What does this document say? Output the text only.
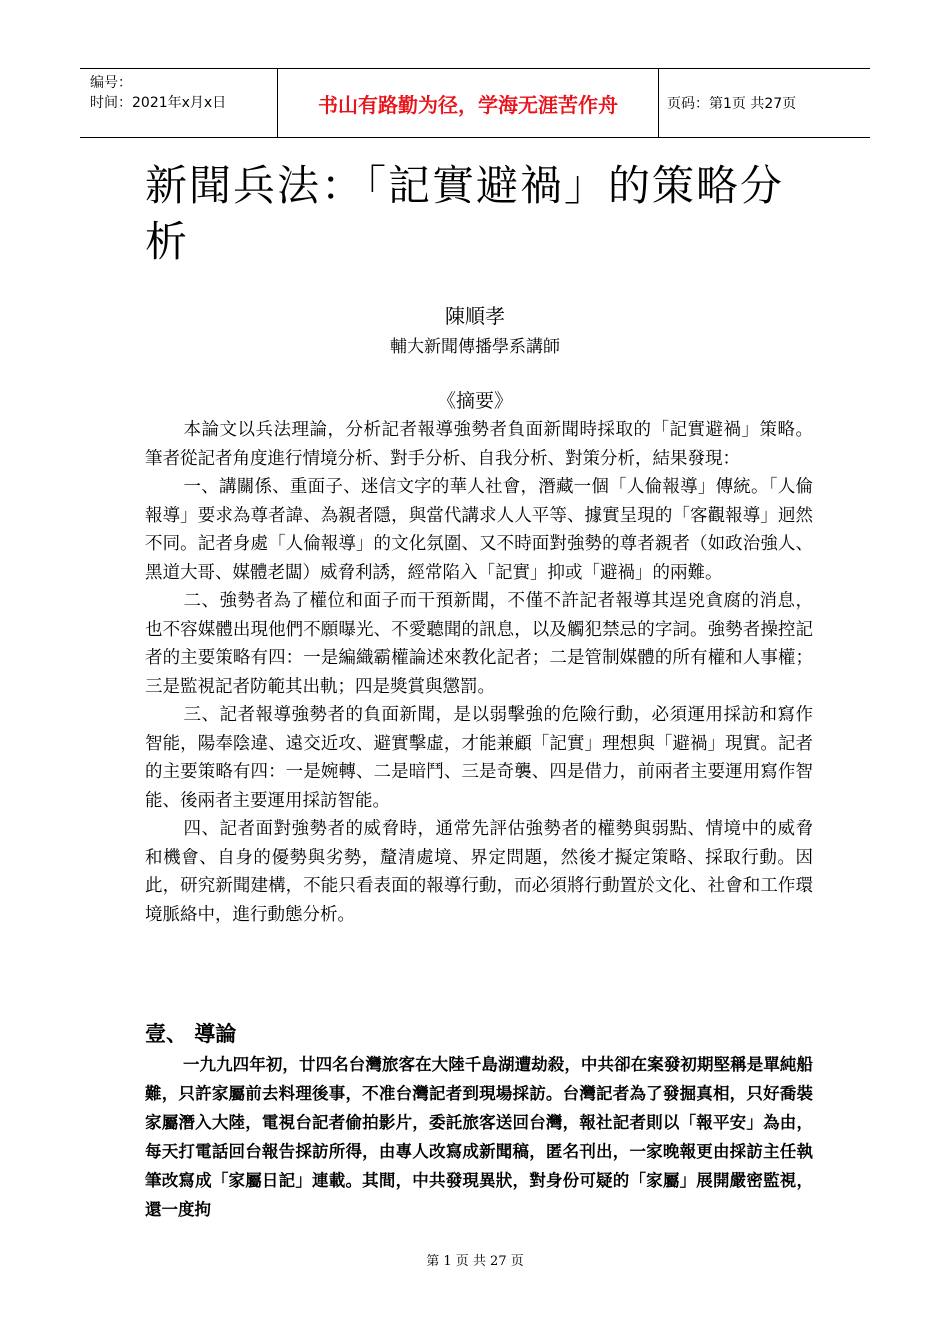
编号：
时间：2021年x月x日	书山有路勤为径，学海无涯苦作舟	页码：第1页 共27页
新聞兵法：「記實避禍」的策略分析
陳順孝
輔大新聞傳播學系講師
《摘要》

本論文以兵法理論，分析記者報導強勢者負面新聞時採取的「記實避禍」策略。筆者從記者角度進行情境分析、對手分析、自我分析、對策分析，結果發現：

一、講關係、重面子、迷信文字的華人社會，潛藏一個「人倫報導」傳統。「人倫報導」要求為尊者諱、為親者隱，與當代講求人人平等、據實呈現的「客觀報導」迥然不同。記者身處「人倫報導」的文化氛圍、又不時面對強勢的尊者親者（如政治強人、黑道大哥、媒體老闆）威脅利誘，經常陷入「記實」抑或「避禍」的兩難。

二、強勢者為了權位和面子而干預新聞，不僅不許記者報導其逞兇貪腐的消息，也不容媒體出現他們不願曝光、不愛聽聞的訊息，以及觸犯禁忌的字詞。強勢者操控記者的主要策略有四：一是編織霸權論述來教化記者；二是管制媒體的所有權和人事權；三是監視記者防範其出軌；四是獎賞與懲罰。

三、記者報導強勢者的負面新聞，是以弱擊強的危險行動，必須運用採訪和寫作智能，陽奉陰違、遠交近攻、避實擊虛，才能兼顧「記實」理想與「避禍」現實。記者的主要策略有四：一是婉轉、二是暗鬥、三是奇襲、四是借力，前兩者主要運用寫作智能、後兩者主要運用採訪智能。

四、記者面對強勢者的威脅時，通常先評估強勢者的權勢與弱點、情境中的威脅和機會、自身的優勢與劣勢，釐清處境、界定問題，然後才擬定策略、採取行動。因此，研究新聞建構，不能只看表面的報導行動，而必須將行動置於文化、社會和工作環境脈絡中，進行動態分析。

壹、 導論

一九九四年初，廿四名台灣旅客在大陸千島湖遭劫殺，中共卻在案發初期堅稱是單純船難，只許家屬前去料理後事，不准台灣記者到現場採訪。台灣記者為了發掘真相，只好喬裝家屬潛入大陸，電視台記者偷拍影片，委託旅客送回台灣，報社記者則以「報平安」為由，每天打電話回台報告採訪所得，由專人改寫成新聞稿，匿名刊出，一家晚報更由採訪主任執筆改寫成「家屬日記」連載。其間，中共發現異狀，對身份可疑的「家屬」展開嚴密監視，還一度拘

第 1 页 共 27 页
